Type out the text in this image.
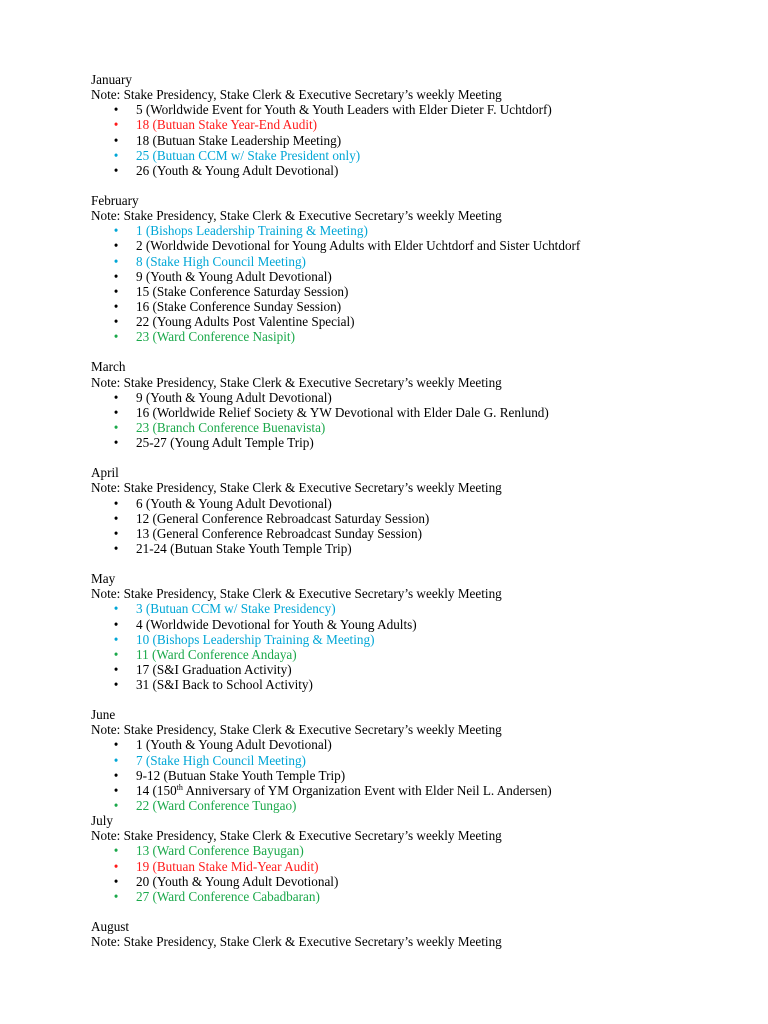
January
Note: Stake Presidency, Stake Clerk & Executive Secretary’s weekly Meeting
• 5 (Worldwide Event for Youth & Youth Leaders with Elder Dieter F. Uchtdorf)
• 18 (Butuan Stake Year-End Audit)
• 18 (Butuan Stake Leadership Meeting)
• 25 (Butuan CCM w/ Stake President only)
• 26 (Youth & Young Adult Devotional)
February
Note: Stake Presidency, Stake Clerk & Executive Secretary’s weekly Meeting
• 1 (Bishops Leadership Training & Meeting)
• 2 (Worldwide Devotional for Young Adults with Elder Uchtdorf and Sister Uchtdorf
• 8 (Stake High Council Meeting)
• 9 (Youth & Young Adult Devotional)
• 15 (Stake Conference Saturday Session)
• 16 (Stake Conference Sunday Session)
• 22 (Young Adults Post Valentine Special)
• 23 (Ward Conference Nasipit)
March
Note: Stake Presidency, Stake Clerk & Executive Secretary’s weekly Meeting
• 9 (Youth & Young Adult Devotional)
• 16 (Worldwide Relief Society & YW Devotional with Elder Dale G. Renlund)
• 23 (Branch Conference Buenavista)
• 25-27 (Young Adult Temple Trip)
April
Note: Stake Presidency, Stake Clerk & Executive Secretary’s weekly Meeting
• 6 (Youth & Young Adult Devotional)
• 12 (General Conference Rebroadcast Saturday Session)
• 13 (General Conference Rebroadcast Sunday Session)
• 21-24 (Butuan Stake Youth Temple Trip)
May
Note: Stake Presidency, Stake Clerk & Executive Secretary’s weekly Meeting
• 3 (Butuan CCM w/ Stake Presidency)
• 4 (Worldwide Devotional for Youth & Young Adults)
• 10 (Bishops Leadership Training & Meeting)
• 11 (Ward Conference Andaya)
• 17 (S&I Graduation Activity)
• 31 (S&I Back to School Activity)
June
Note: Stake Presidency, Stake Clerk & Executive Secretary’s weekly Meeting
• 1 (Youth & Young Adult Devotional)
• 7 (Stake High Council Meeting)
• 9-12 (Butuan Stake Youth Temple Trip)
• 14 (150th Anniversary of YM Organization Event with Elder Neil L. Andersen)
• 22 (Ward Conference Tungao)
July
Note: Stake Presidency, Stake Clerk & Executive Secretary’s weekly Meeting
• 13 (Ward Conference Bayugan)
• 19 (Butuan Stake Mid-Year Audit)
• 20 (Youth & Young Adult Devotional)
• 27 (Ward Conference Cabadbaran)
August
Note: Stake Presidency, Stake Clerk & Executive Secretary’s weekly Meeting
